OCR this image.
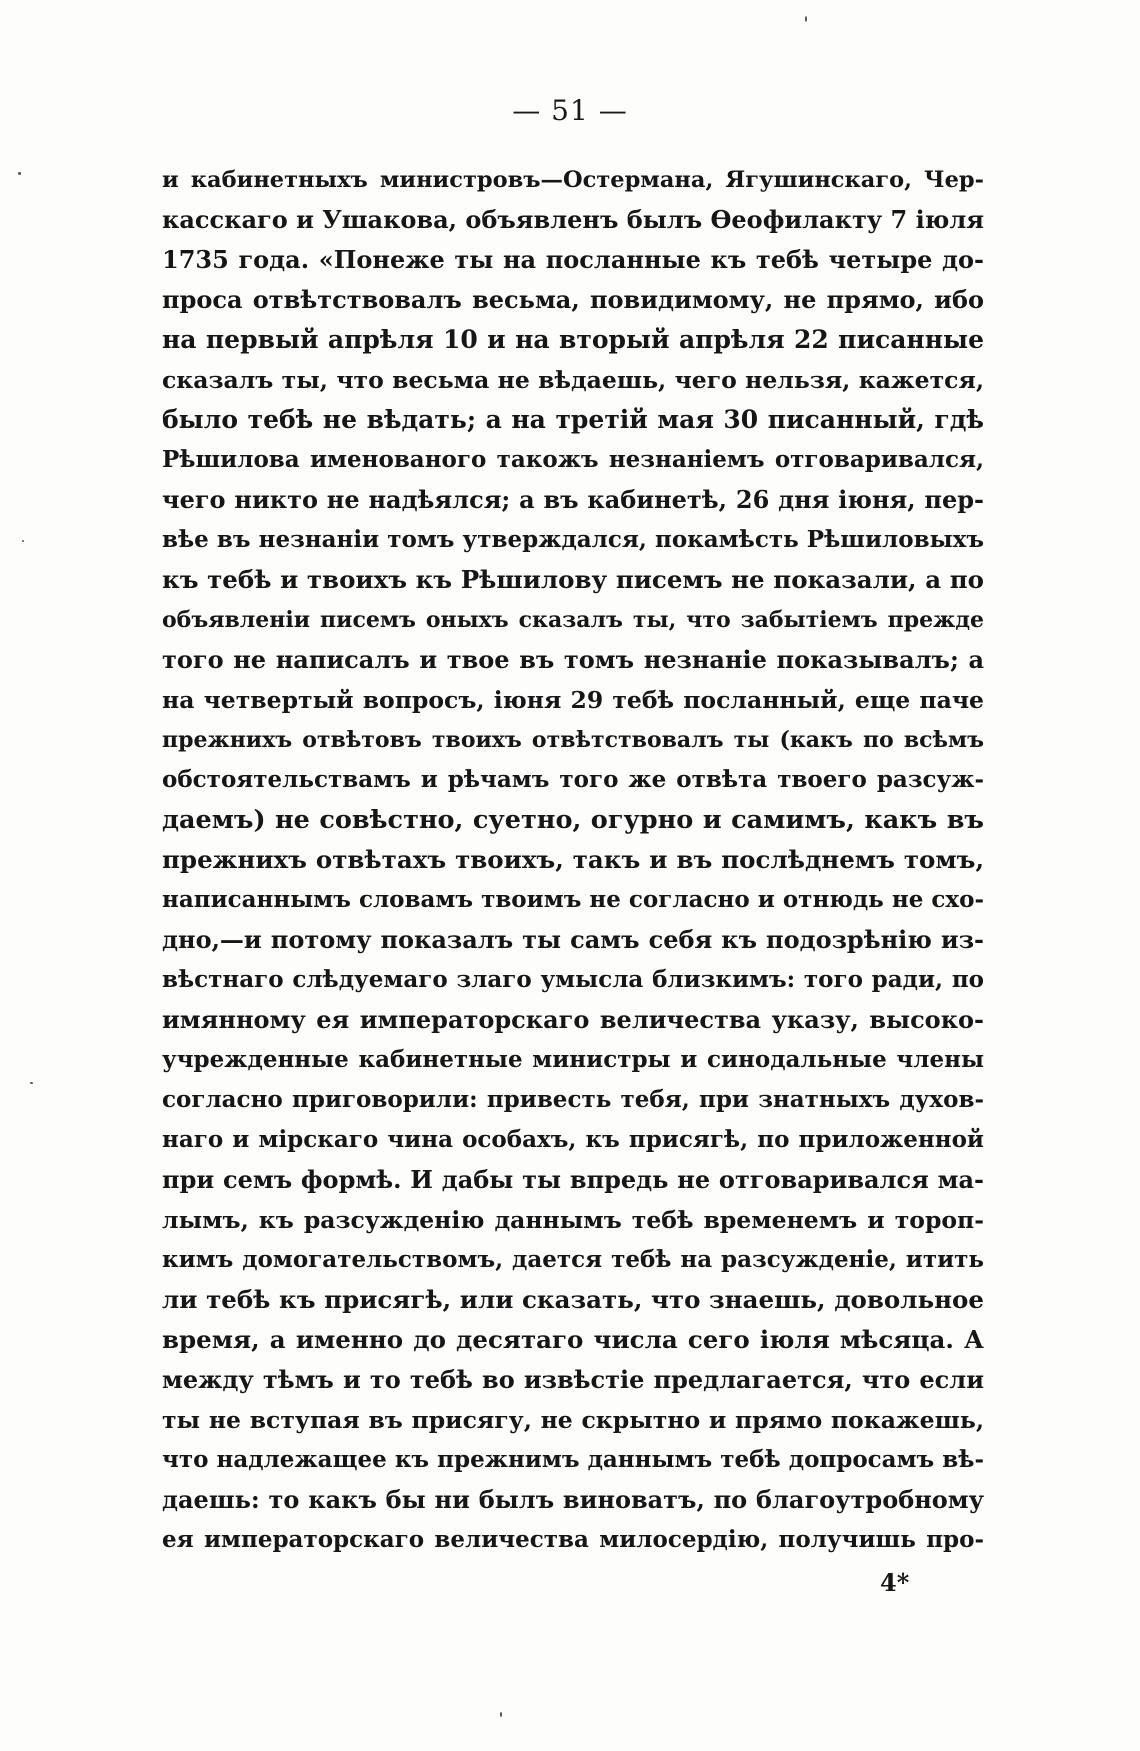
— 51 —
и кабинетныхъ министровъ—Остермана, Ягушинскаго, Чер-
касскаго и Ушакова, объявленъ былъ Ѳеофилакту 7 іюля
1735 года. «Понеже ты на посланные къ тебѣ четыре до-
проса отвѣтствовалъ весьма, повидимому, не прямо, ибо
на первый апрѣля 10 и на вторый апрѣля 22 писанные
сказалъ ты, что весьма не вѣдаешь, чего нельзя, кажется,
было тебѣ не вѣдать; а на третій мая 30 писанный, гдѣ
Рѣшилова именованого такожъ незнаніемъ отговаривался,
чего никто не надѣялся; а въ кабинетѣ, 26 дня іюня, пер-
вѣе въ незнаніи томъ утверждался, покамѣсть Рѣшиловыхъ
къ тебѣ и твоихъ къ Рѣшилову писемъ не показали, а по
объявленіи писемъ оныхъ сказалъ ты, что забытіемъ прежде
того не написалъ и твое въ томъ незнаніе показывалъ; а
на четвертый вопросъ, іюня 29 тебѣ посланный, еще паче
прежнихъ отвѣтовъ твоихъ отвѣтствовалъ ты (какъ по всѣмъ
обстоятельствамъ и рѣчамъ того же отвѣта твоего разсуж-
даемъ) не совѣстно, суетно, огурно и самимъ, какъ въ
прежнихъ отвѣтахъ твоихъ, такъ и въ послѣднемъ томъ,
написаннымъ словамъ твоимъ не согласно и отнюдь не схо-
дно,—и потому показалъ ты самъ себя къ подозрѣнію из-
вѣстнаго слѣдуемаго злаго умысла близкимъ: того ради, по
имянному ея императорскаго величества указу, высоко-
учрежденные кабинетные министры и синодальные члены
согласно приговорили: привесть тебя, при знатныхъ духов-
наго и мірскаго чина особахъ, къ присягѣ, по приложенной
при семъ формѣ. И дабы ты впредь не отговаривался ма-
лымъ, къ разсужденію даннымъ тебѣ временемъ и тороп-
кимъ домогательствомъ, дается тебѣ на разсужденіе, итить
ли тебѣ къ присягѣ, или сказать, что знаешь, довольное
время, а именно до десятаго числа сего іюля мѣсяца. А
между тѣмъ и то тебѣ во извѣстіе предлагается, что если
ты не вступая въ присягу, не скрытно и прямо покажешь,
что надлежащее къ прежнимъ даннымъ тебѣ допросамъ вѣ-
даешь: то какъ бы ни былъ виноватъ, по благоутробному
ея императорскаго величества милосердію, получишь про-
4*
